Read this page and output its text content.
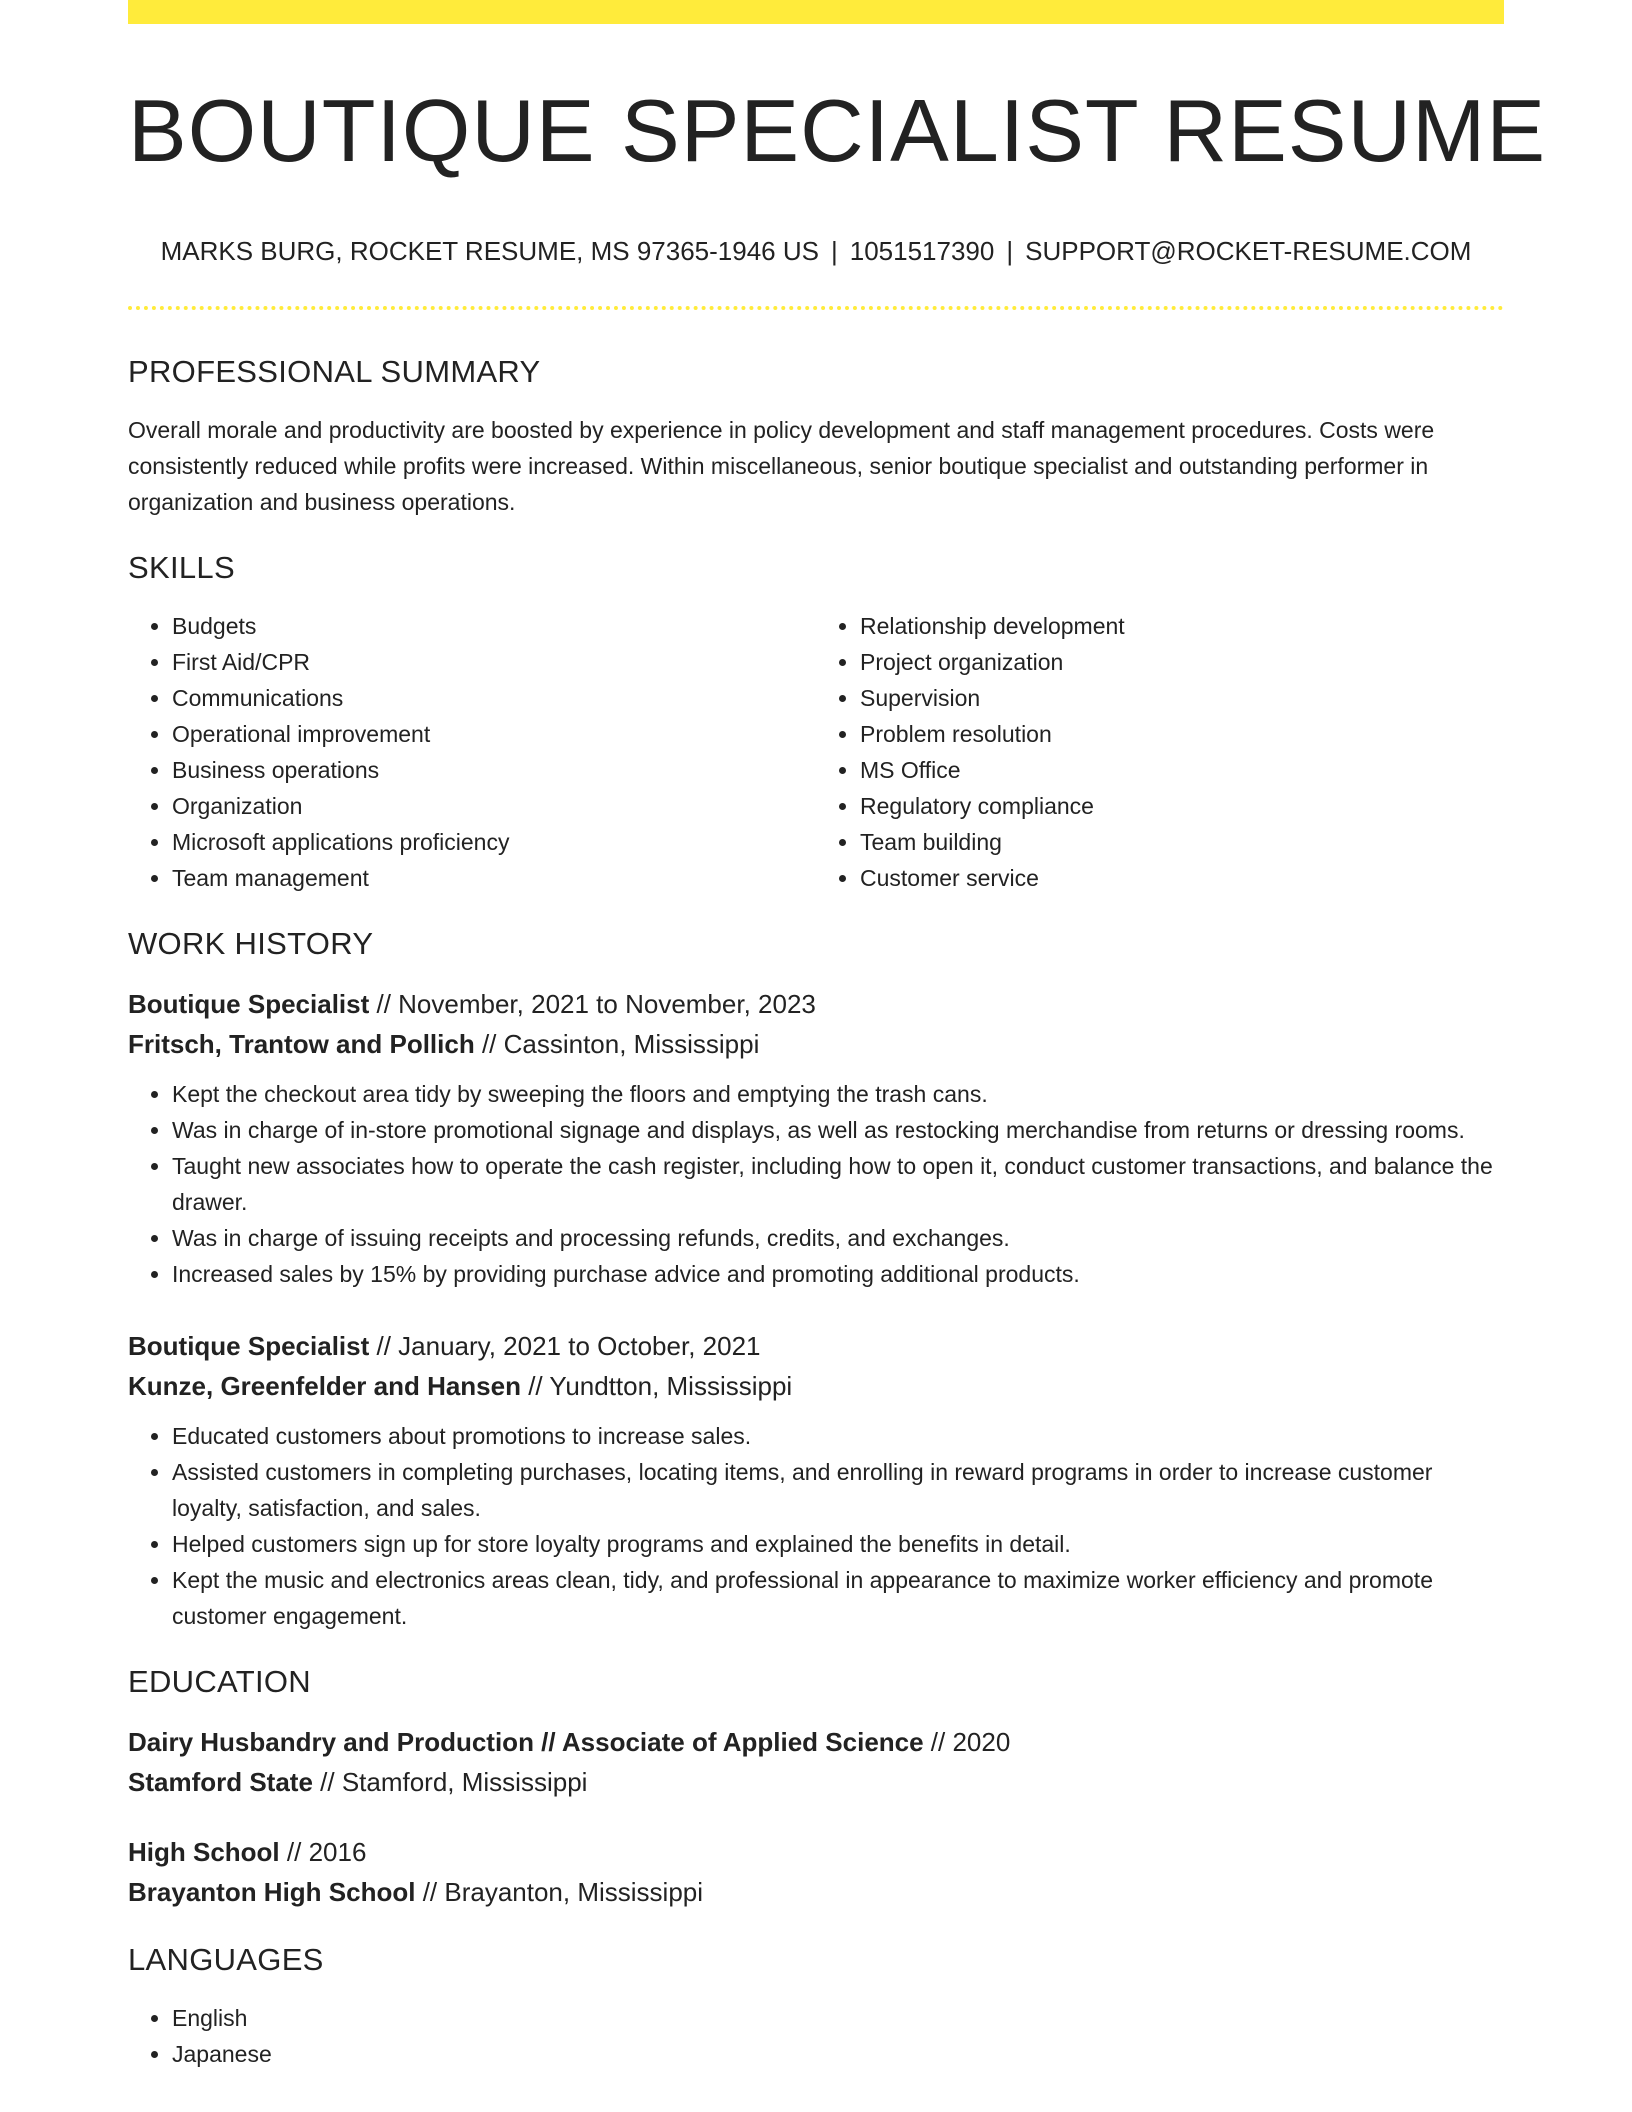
BOUTIQUE SPECIALIST RESUME
MARKS BURG, ROCKET RESUME, MS 97365-1946 US | 1051517390 | SUPPORT@ROCKET-RESUME.COM
PROFESSIONAL SUMMARY

Overall morale and productivity are boosted by experience in policy development and staff management procedures. Costs were consistently reduced while profits were increased. Within miscellaneous, senior boutique specialist and outstanding performer in organization and business operations.

SKILLS
• Budgets
• First Aid/CPR
• Communications
• Operational improvement
• Business operations
• Organization
• Microsoft applications proficiency
• Team management
• Relationship development
• Project organization
• Supervision
• Problem resolution
• MS Office
• Regulatory compliance
• Team building
• Customer service
WORK HISTORY
Boutique Specialist // November, 2021 to November, 2023
Fritsch, Trantow and Pollich // Cassinton, Mississippi
• Kept the checkout area tidy by sweeping the floors and emptying the trash cans.
• Was in charge of in-store promotional signage and displays, as well as restocking merchandise from returns or dressing rooms.
• Taught new associates how to operate the cash register, including how to open it, conduct customer transactions, and balance the drawer.
• Was in charge of issuing receipts and processing refunds, credits, and exchanges.
• Increased sales by 15% by providing purchase advice and promoting additional products.
Boutique Specialist // January, 2021 to October, 2021
Kunze, Greenfelder and Hansen // Yundtton, Mississippi
• Educated customers about promotions to increase sales.
• Assisted customers in completing purchases, locating items, and enrolling in reward programs in order to increase customer loyalty, satisfaction, and sales.
• Helped customers sign up for store loyalty programs and explained the benefits in detail.
• Kept the music and electronics areas clean, tidy, and professional in appearance to maximize worker efficiency and promote customer engagement.
EDUCATION
Dairy Husbandry and Production // Associate of Applied Science // 2020
Stamford State // Stamford, Mississippi
High School // 2016
Brayanton High School // Brayanton, Mississippi
LANGUAGES
• English
• Japanese
